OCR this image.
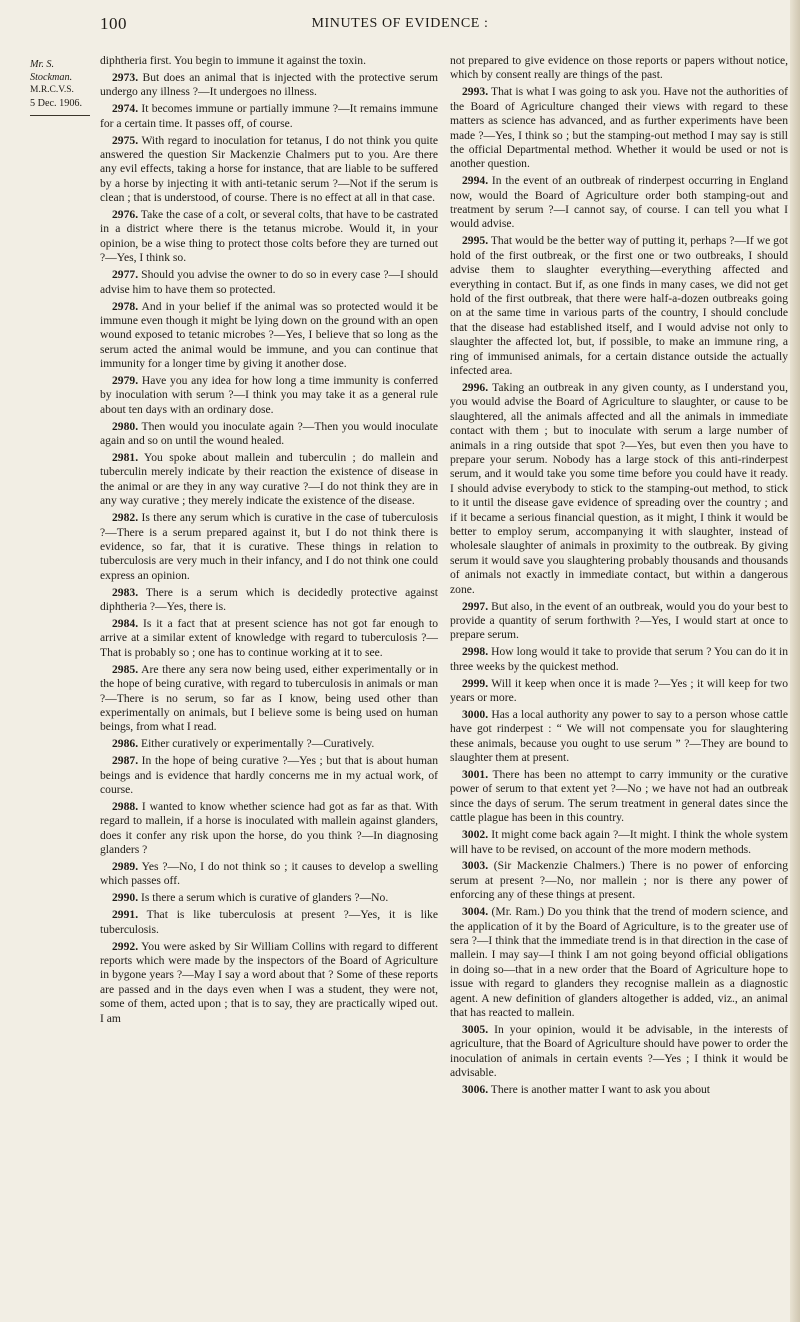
100	MINUTES OF EVIDENCE :
Mr. S.
Stockman.
M.R.C.V.S.
5 Dec. 1906.

diphtheria first. You begin to immune it against the toxin.

2973. But does an animal that is injected with the protective serum undergo any illness ?—It undergoes no illness.

2974. It becomes immune or partially immune ?—It remains immune for a certain time. It passes off, of course.

2975. With regard to inoculation for tetanus, I do not think you quite answered the question Sir Mackenzie Chalmers put to you. Are there any evil effects, taking a horse for instance, that are liable to be suffered by a horse by injecting it with anti-tetanic serum ?—Not if the serum is clean ; that is understood, of course. There is no effect at all in that case.

2976. Take the case of a colt, or several colts, that have to be castrated in a district where there is the tetanus microbe. Would it, in your opinion, be a wise thing to protect those colts before they are turned out ?—Yes, I think so.

2977. Should you advise the owner to do so in every case ?—I should advise him to have them so protected.

2978. And in your belief if the animal was so protected would it be immune even though it might be lying down on the ground with an open wound exposed to tetanic microbes ?—Yes, I believe that so long as the serum acted the animal would be immune, and you can continue that immunity for a longer time by giving it another dose.

2979. Have you any idea for how long a time immunity is conferred by inoculation with serum ?—I think you may take it as a general rule about ten days with an ordinary dose.

2980. Then would you inoculate again ?—Then you would inoculate again and so on until the wound healed.

2981. You spoke about mallein and tuberculin ; do mallein and tuberculin merely indicate by their reaction the existence of disease in the animal or are they in any way curative ?—I do not think they are in any way curative ; they merely indicate the existence of the disease.

2982. Is there any serum which is curative in the case of tuberculosis ?—There is a serum prepared against it, but I do not think there is evidence, so far, that it is curative. These things in relation to tuberculosis are very much in their infancy, and I do not think one could express an opinion.

2983. There is a serum which is decidedly protective against diphtheria ?—Yes, there is.

2984. Is it a fact that at present science has not got far enough to arrive at a similar extent of knowledge with regard to tuberculosis ?—That is probably so ; one has to continue working at it to see.

2985. Are there any sera now being used, either experimentally or in the hope of being curative, with regard to tuberculosis in animals or man ?—There is no serum, so far as I know, being used other than experimentally on animals, but I believe some is being used on human beings, from what I read.

2986. Either curatively or experimentally ?—Curatively.

2987. In the hope of being curative ?—Yes ; but that is about human beings and is evidence that hardly concerns me in my actual work, of course.

2988. I wanted to know whether science had got as far as that. With regard to mallein, if a horse is inoculated with mallein against glanders, does it confer any risk upon the horse, do you think ?—In diagnosing glanders ?

2989. Yes ?—No, I do not think so ; it causes to develop a swelling which passes off.

2990. Is there a serum which is curative of glanders ?—No.

2991. That is like tuberculosis at present ?—Yes, it is like tuberculosis.

2992. You were asked by Sir William Collins with regard to different reports which were made by the inspectors of the Board of Agriculture in bygone years ?—May I say a word about that ? Some of these reports are passed and in the days even when I was a student, they were not, some of them, acted upon ; that is to say, they are practically wiped out. I am

not prepared to give evidence on those reports or papers without notice, which by consent really are things of the past.

2993. That is what I was going to ask you. Have not the authorities of the Board of Agriculture changed their views with regard to these matters as science has advanced, and as further experiments have been made ?—Yes, I think so ; but the stamping-out method I may say is still the official Departmental method. Whether it would be used or not is another question.

2994. In the event of an outbreak of rinderpest occurring in England now, would the Board of Agriculture order both stamping-out and treatment by serum ?—I cannot say, of course. I can tell you what I would advise.

2995. That would be the better way of putting it, perhaps ?—If we got hold of the first outbreak, or the first one or two outbreaks, I should advise them to slaughter everything—everything affected and everything in contact. But if, as one finds in many cases, we did not get hold of the first outbreak, that there were half-a-dozen outbreaks going on at the same time in various parts of the country, I should conclude that the disease had established itself, and I would advise not only to slaughter the affected lot, but, if possible, to make an immune ring, a ring of immunised animals, for a certain distance outside the actually infected area.

2996. Taking an outbreak in any given county, as I understand you, you would advise the Board of Agriculture to slaughter, or cause to be slaughtered, all the animals affected and all the animals in immediate contact with them ; but to inoculate with serum a large number of animals in a ring outside that spot ?—Yes, but even then you have to prepare your serum. Nobody has a large stock of this anti-rinderpest serum, and it would take you some time before you could have it ready. I should advise everybody to stick to the stamping-out method, to stick to it until the disease gave evidence of spreading over the country ; and if it became a serious financial question, as it might, I think it would be better to employ serum, accompanying it with slaughter, instead of wholesale slaughter of animals in proximity to the outbreak. By giving serum it would save you slaughtering probably thousands and thousands of animals not exactly in immediate contact, but within a dangerous zone.

2997. But also, in the event of an outbreak, would you do your best to provide a quantity of serum forthwith ?—Yes, I would start at once to prepare serum.

2998. How long would it take to provide that serum ? You can do it in three weeks by the quickest method.

2999. Will it keep when once it is made ?—Yes ; it will keep for two years or more.

3000. Has a local authority any power to say to a person whose cattle have got rinderpest : “ We will not compensate you for slaughtering these animals, because you ought to use serum ” ?—They are bound to slaughter them at present.

3001. There has been no attempt to carry immunity or the curative power of serum to that extent yet ?—No ; we have not had an outbreak since the days of serum. The serum treatment in general dates since the cattle plague has been in this country.

3002. It might come back again ?—It might. I think the whole system will have to be revised, on account of the more modern methods.

3003. (Sir Mackenzie Chalmers.) There is no power of enforcing serum at present ?—No, nor mallein ; nor is there any power of enforcing any of these things at present.

3004. (Mr. Ram.) Do you think that the trend of modern science, and the application of it by the Board of Agriculture, is to the greater use of sera ?—I think that the immediate trend is in that direction in the case of mallein. I may say—I think I am not going beyond official obligations in doing so—that in a new order that the Board of Agriculture hope to issue with regard to glanders they recognise mallein as a diagnostic agent. A new definition of glanders altogether is added, viz., an animal that has reacted to mallein.

3005. In your opinion, would it be advisable, in the interests of agriculture, that the Board of Agriculture should have power to order the inoculation of animals in certain events ?—Yes ; I think it would be advisable.

3006. There is another matter I want to ask you about
